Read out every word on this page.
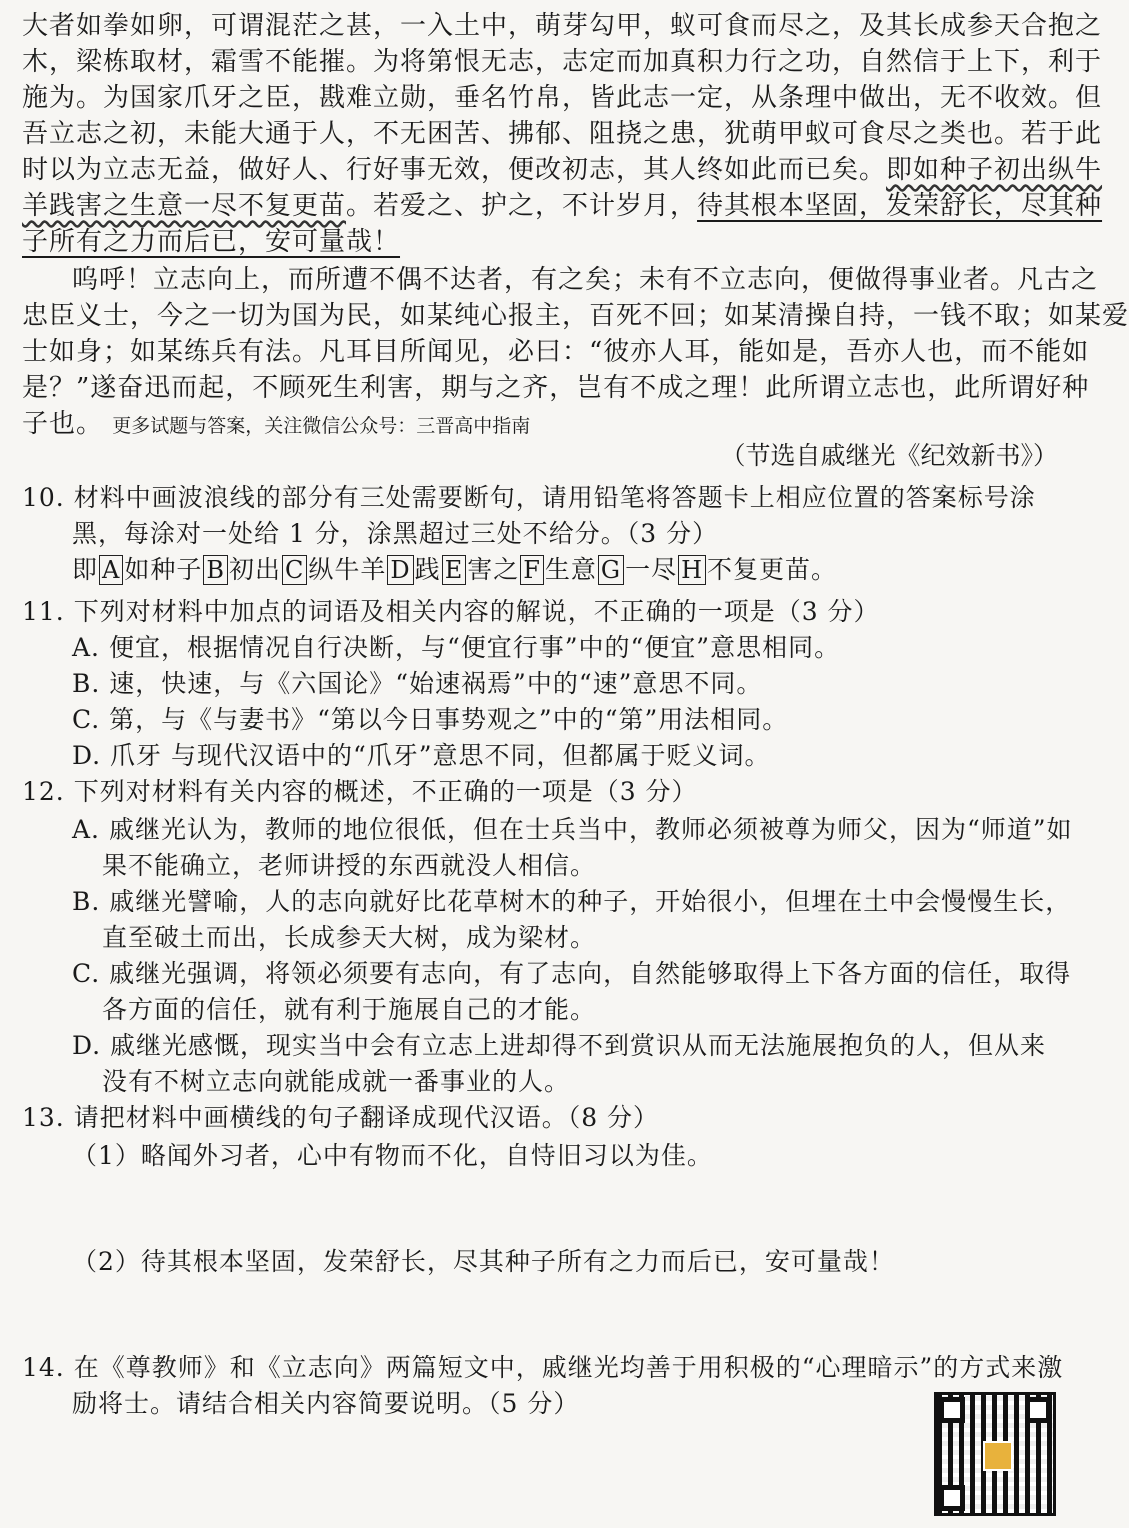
大者如拳如卵，可谓混茫之甚，一入土中，萌芽勾甲，蚁可食而尽之，及其长成参天合抱之
木，梁栋取材，霜雪不能摧。为将第恨无志，志定而加真积力行之功，自然信于上下，利于
施为。为国家爪牙之臣，戡难立勋，垂名竹帛，皆此志一定，从条理中做出，无不收效。但
吾立志之初，未能大通于人，不无困苦、拂郁、阻挠之患，犹萌甲蚁可食尽之类也。若于此
时以为立志无益，做好人、行好事无效，便改初志，其人终如此而已矣。即如种子初出纵牛
羊践害之生意一尽不复更苗。若爱之、护之，不计岁月，待其根本坚固，发荣舒长，尽其种
子所有之力而后已，安可量哉！
呜呼！立志向上，而所遭不偶不达者，有之矣；未有不立志向，便做得事业者。凡古之
忠臣义士，今之一切为国为民，如某纯心报主，百死不回；如某清操自持，一钱不取；如某爱
士如身；如某练兵有法。凡耳目所闻见，必曰：“彼亦人耳，能如是，吾亦人也，而不能如
是？”遂奋迅而起，不顾死生利害，期与之齐，岂有不成之理！此所谓立志也，此所谓好种
子也。 更多试题与答案，关注微信公众号：三晋高中指南
（节选自戚继光《纪效新书》）
10. 材料中画波浪线的部分有三处需要断句，请用铅笔将答题卡上相应位置的答案标号涂
黑，每涂对一处给 1 分，涂黑超过三处不给分。（3 分）
即 A 如种子 B 初出 C 纵牛羊 D 践 E 害之 F 生意 G 一尽 H 不复更苗。
11. 下列对材料中加点的词语及相关内容的解说，不正确的一项是（3 分）
A. 便宜，根据情况自行决断，与“便宜行事”中的“便宜”意思相同。
B. 速，快速，与《六国论》“始速祸焉”中的“速”意思不同。
C. 第，与《与妻书》“第以今日事势观之”中的“第”用法相同。
D. 爪牙 与现代汉语中的“爪牙”意思不同，但都属于贬义词。
12. 下列对材料有关内容的概述，不正确的一项是（3 分）
A. 戚继光认为，教师的地位很低，但在士兵当中，教师必须被尊为师父，因为“师道”如
果不能确立，老师讲授的东西就没人相信。
B. 戚继光譬喻，人的志向就好比花草树木的种子，开始很小，但埋在土中会慢慢生长，
直至破土而出，长成参天大树，成为梁材。
C. 戚继光强调，将领必须要有志向，有了志向，自然能够取得上下各方面的信任，取得
各方面的信任，就有利于施展自己的才能。
D. 戚继光感慨，现实当中会有立志上进却得不到赏识从而无法施展抱负的人，但从来
没有不树立志向就能成就一番事业的人。
13. 请把材料中画横线的句子翻译成现代汉语。（8 分）
（1）略闻外习者，心中有物而不化，自恃旧习以为佳。
（2）待其根本坚固，发荣舒长，尽其种子所有之力而后已，安可量哉！
14. 在《尊教师》和《立志向》两篇短文中，戚继光均善于用积极的“心理暗示”的方式来激
励将士。请结合相关内容简要说明。（5 分）
